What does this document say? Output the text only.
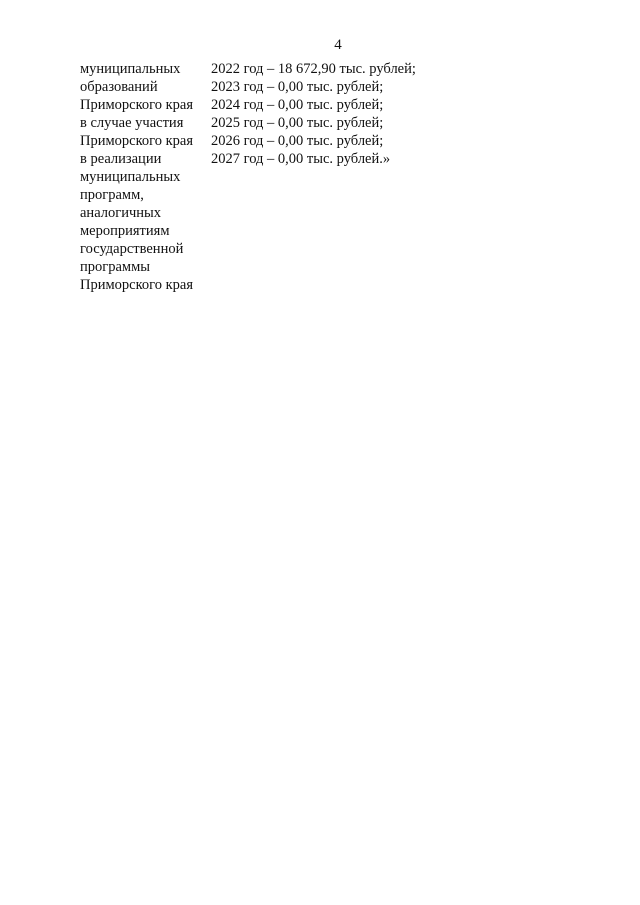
4
муниципальных
образований
Приморского края
в случае участия
Приморского края
в реализации
муниципальных
программ,
аналогичных
мероприятиям
государственной
программы
Приморского края
2022 год – 18 672,90 тыс. рублей;
2023 год – 0,00 тыс. рублей;
2024 год – 0,00 тыс. рублей;
2025 год – 0,00 тыс. рублей;
2026 год – 0,00 тыс. рублей;
2027 год – 0,00 тыс. рублей.»
